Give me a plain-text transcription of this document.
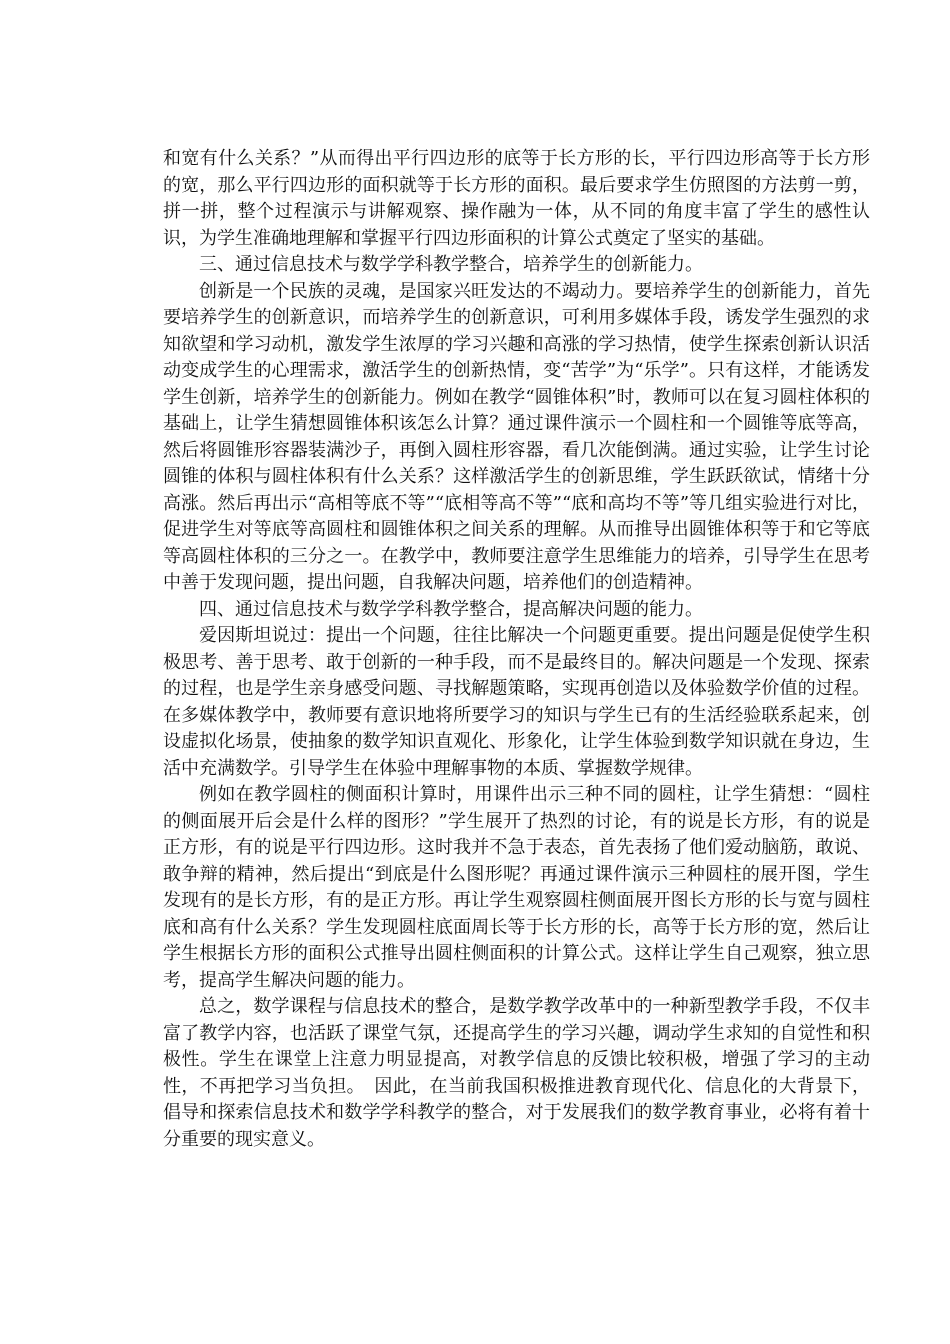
和宽有什么关系？”从而得出平行四边形的底等于长方形的长，平行四边形高等于长方形的宽，那么平行四边形的面积就等于长方形的面积。最后要求学生仿照图的方法剪一剪，拼一拼，整个过程演示与讲解观察、操作融为一体，从不同的角度丰富了学生的感性认识，为学生准确地理解和掌握平行四边形面积的计算公式奠定了坚实的基础。

三、通过信息技术与数学学科教学整合，培养学生的创新能力。

创新是一个民族的灵魂，是国家兴旺发达的不竭动力。要培养学生的创新能力，首先要培养学生的创新意识，而培养学生的创新意识，可利用多媒体手段，诱发学生强烈的求知欲望和学习动机，激发学生浓厚的学习兴趣和高涨的学习热情，使学生探索创新认识活动变成学生的心理需求，激活学生的创新热情，变“苦学”为“乐学”。只有这样，才能诱发学生创新，培养学生的创新能力。例如在教学“圆锥体积”时，教师可以在复习圆柱体积的基础上，让学生猜想圆锥体积该怎么计算？通过课件演示一个圆柱和一个圆锥等底等高，然后将圆锥形容器装满沙子，再倒入圆柱形容器，看几次能倒满。通过实验，让学生讨论圆锥的体积与圆柱体积有什么关系？这样激活学生的创新思维，学生跃跃欲试，情绪十分高涨。然后再出示“高相等底不等”“底相等高不等”“底和高均不等”等几组实验进行对比，促进学生对等底等高圆柱和圆锥体积之间关系的理解。从而推导出圆锥体积等于和它等底等高圆柱体积的三分之一。在教学中，教师要注意学生思维能力的培养，引导学生在思考中善于发现问题，提出问题，自我解决问题，培养他们的创造精神。

四、通过信息技术与数学学科教学整合，提高解决问题的能力。

爱因斯坦说过：提出一个问题，往往比解决一个问题更重要。提出问题是促使学生积极思考、善于思考、敢于创新的一种手段，而不是最终目的。解决问题是一个发现、探索的过程，也是学生亲身感受问题、寻找解题策略，实现再创造以及体验数学价值的过程。在多媒体教学中，教师要有意识地将所要学习的知识与学生已有的生活经验联系起来，创设虚拟化场景，使抽象的数学知识直观化、形象化，让学生体验到数学知识就在身边，生活中充满数学。引导学生在体验中理解事物的本质、掌握数学规律。

例如在教学圆柱的侧面积计算时，用课件出示三种不同的圆柱，让学生猜想：“圆柱的侧面展开后会是什么样的图形？”学生展开了热烈的讨论，有的说是长方形，有的说是正方形，有的说是平行四边形。这时我并不急于表态，首先表扬了他们爱动脑筋，敢说、敢争辩的精神，然后提出“到底是什么图形呢？再通过课件演示三种圆柱的展开图，学生发现有的是长方形，有的是正方形。再让学生观察圆柱侧面展开图长方形的长与宽与圆柱底和高有什么关系？学生发现圆柱底面周长等于长方形的长，高等于长方形的宽，然后让学生根据长方形的面积公式推导出圆柱侧面积的计算公式。这样让学生自己观察，独立思考，提高学生解决问题的能力。

总之，数学课程与信息技术的整合，是数学教学改革中的一种新型教学手段，不仅丰富了教学内容，也活跃了课堂气氛，还提高学生的学习兴趣，调动学生求知的自觉性和积极性。学生在课堂上注意力明显提高，对教学信息的反馈比较积极，增强了学习的主动性，不再把学习当负担。　因此，在当前我国积极推进教育现代化、信息化的大背景下，倡导和探索信息技术和数学学科教学的整合，对于发展我们的数学教育事业，必将有着十分重要的现实意义。
